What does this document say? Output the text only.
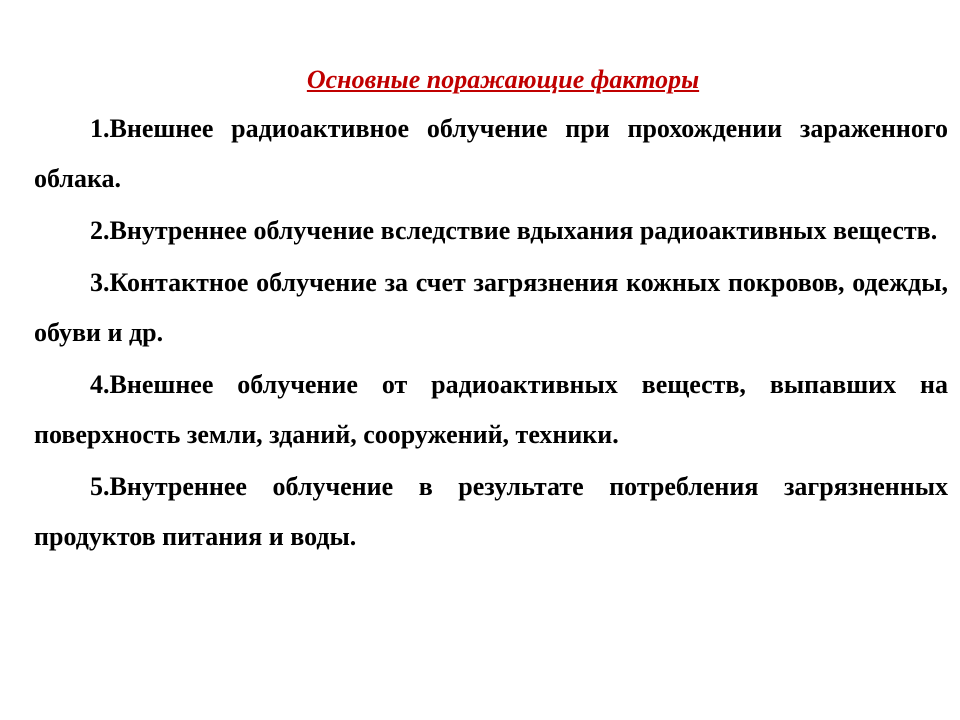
Основные поражающие факторы
1.Внешнее радиоактивное облучение при прохождении зараженного облака.
2.Внутреннее облучение вследствие вдыхания радиоактивных веществ.
3.Контактное облучение за счет загрязнения кожных покровов, одежды, обуви и др.
4.Внешнее облучение от радиоактивных веществ, выпавших на поверхность земли, зданий, сооружений, техники.
5.Внутреннее облучение в результате потребления загрязненных продуктов питания и воды.
